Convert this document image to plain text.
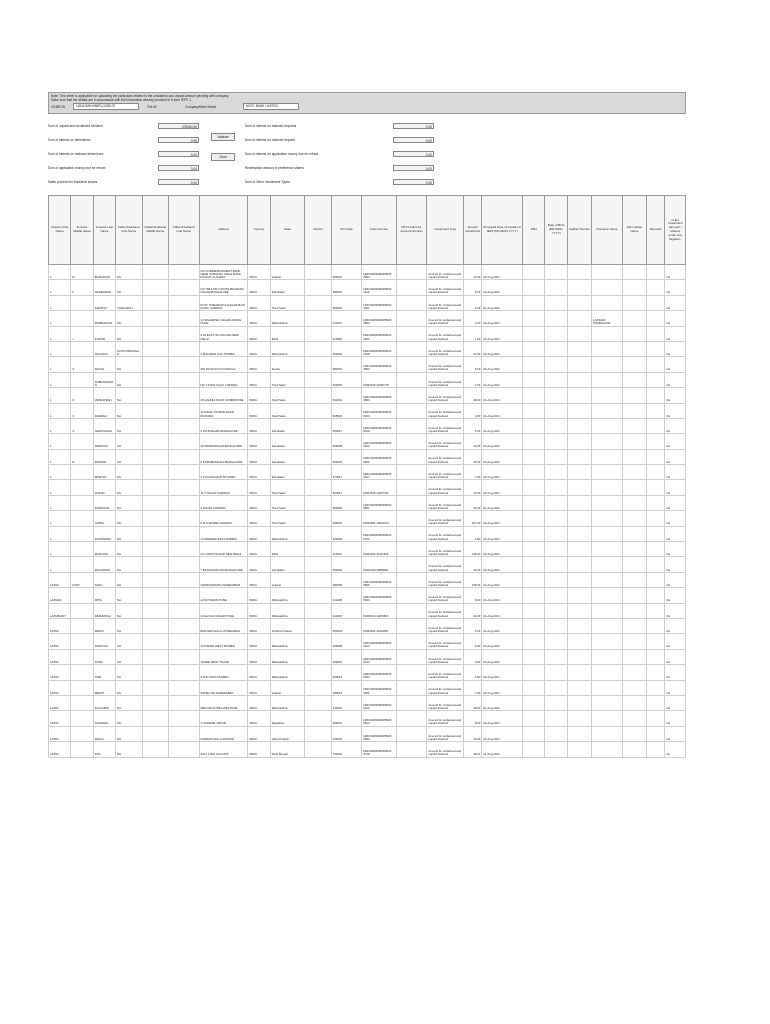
Note: This sheet is applicable for uploading the particulars related to the unclaimed and unpaid amount pending with company.
Make sure that the details are in accordance with the information already provided in e-form IEPF-1
CIN/BCIN	L65110MH1985PLC038137	Pre-fill	Company/Bank Name	HDFC BANK LIMITED
Sum of unpaid and unclaimed dividend	478060.50
Sum of interest on debentures	0.00
Sum of interest on matured debentures	0.00
Sum of application money due for refund	0.00
Sales proceed for fractional shares	0.00
Validate
Clear
Sum of interest on matured deposits	0.00
Sum of interest on matured deposit	0.00
Sum of interest on application money due for refund	0.00
Redemption amount of preference shares	0.00
Sum of Other Investment Types	0.00
Investor First Name	Investor Middle Name	Investor Last Name	Father/Husband First Name	Father/Husband Middle Name	Father/Husband Last Name	Address	Country	State	District	Pin Code	Folio Number	DP Id-Client Id-Account Number	Investment Type	Amount transferred	Proposed Date of transfer to IEPF (DD-MON-YYYY)	PAN	Date of Birth (DD-MON-YYYY)	Aadhar Number	Nominee Name	Joint Holder Name	Remarks	Is the Investment (amount / shares) under any litigation.
L	R	BHAGAVAN	NA			C/O CORRESPONDENT BANK NEAR SUBHASH, SHAH ROAD, RAJKOT GUJARAT	INDIA	Gujarat		360001	HDFC0000000005000 2990		Amount for unclaimed and unpaid dividend	22.00	01-Aug-2024							No
L	K	NAGESWAR	NA			NO 786 A 5TH CROSS BHARATHI NAGAR BANGALORE	INDIA	Karnataka		560001	HDFC0000000005000 2113		Amount for unclaimed and unpaid dividend	8.00	01-Aug-2024							No
L		SARATHY	THIAGARAJ			PLOT 78 BHARATHI NAGAR MAIN ROAD, CHENNAI	INDIA	Tamil Nadu		600001	HDFC0000000005000 3031		Amount for unclaimed and unpaid dividend	4.00	01-Aug-2024							No
L		PRABHAKAR	NA			12 MAHARISHI NAGAR AUNDH PUNE	INDIA	Maharashtra		411007	HDFC0000000005000 3962		Amount for unclaimed and unpaid dividend	2.00	01-Aug-2024				LAKSHMI PRABHAKAR			No
L	J	KUMAR	NA			A 22 EAST OF KAILASH NEW DELHI	INDIA	Delhi		110065	HDFC0000000005000 4153		Amount for unclaimed and unpaid dividend	1.00	01-Aug-2024							No
L		NAGARAJ	KASTURIRANGAN			2 MALABAR HILL MUMBAI	INDIA	Maharashtra		400006	HDFC0000000005000 4318		Amount for unclaimed and unpaid dividend	27.00	01-Aug-2024							No
L	S	RAJAN	NA			MG ROAD KOCHI KERALA	INDIA	Kerala		682001	HDFC0000000005000 4562		Amount for unclaimed and unpaid dividend	8.00	01-Aug-2024							No
L		SUBRAMANIAN	NA			NO 7 ANNA SALAI CHENNAI	INDIA	Tamil Nadu		600002	IN300159 10452778		Amount for unclaimed and unpaid dividend	2.00	01-Aug-2024							No
L	K	VENKATESH	NA			45 GANDHI ROAD COIMBATORE	INDIA	Tamil Nadu		641001	HDFC0000000005000 4890		Amount for unclaimed and unpaid dividend	48.00	01-Aug-2024							No
L	V	RAMESH	NA			12 RACE COURSE ROAD MADURAI	INDIA	Tamil Nadu		625002	HDFC0000000005000 5013		Amount for unclaimed and unpaid dividend	4.00	01-Aug-2024							No
L	S	NARAYANAN	NA			4 JAYANAGAR BANGALORE	INDIA	Karnataka		560011	HDFC0000000005000 5108		Amount for unclaimed and unpaid dividend	6.00	01-Aug-2024							No
L		SRINIVAS	NA			22 INDIRANAGAR BANGALORE	INDIA	Karnataka		560038	HDFC0000000005000 5222		Amount for unclaimed and unpaid dividend	12.00	01-Aug-2024							No
L	R	PRASAD	NA			8 KORAMANGALA BANGALORE	INDIA	Karnataka		560034	HDFC0000000005000 5306		Amount for unclaimed and unpaid dividend	20.00	01-Aug-2024							No
L		MURTHY	NA			3 VIJAYANAGAR MYSORE	INDIA	Karnataka		570017	HDFC0000000005000 5417		Amount for unclaimed and unpaid dividend	4.00	01-Aug-2024							No
L		ANAND	NA			11 T NAGAR CHENNAI	INDIA	Tamil Nadu		600017	IN301549 12907761		Amount for unclaimed and unpaid dividend	13.00	01-Aug-2024							No
L		KRISHNAN	NA			9 ADYAR CHENNAI	INDIA	Tamil Nadu		600020	HDFC0000000005000 5581		Amount for unclaimed and unpaid dividend	56.00	01-Aug-2024							No
L		GOPAL	NA			5 MYLAPORE CHENNAI	INDIA	Tamil Nadu		600004	IN300484 13022194		Amount for unclaimed and unpaid dividend	257.00	01-Aug-2024							No
L		SUNDARAM	NA			14 ANDHERI EAST MUMBAI	INDIA	Maharashtra		400069	HDFC0000000005000 5702		Amount for unclaimed and unpaid dividend	6.00	01-Aug-2024							No
L		PRAKASH	NA			21 LAJPAT NAGAR NEW DELHI	INDIA	Delhi		110024	IN300206 10117633		Amount for unclaimed and unpaid dividend	108.00	01-Aug-2024							No
L		RAGHAVAN	NA			7 BASAVANAGUDI BANGALORE	INDIA	Karnataka		560004	IN300239 10856631		Amount for unclaimed and unpaid dividend	30.00	01-Aug-2024							No
LAXMI	KANT	SHAH	NA			NAVRANGPURA AHMEDABAD	INDIA	Gujarat		380009	HDFC0000000005000 5866		Amount for unclaimed and unpaid dividend	108.00	01-Aug-2024							No
LAXMAN		PATIL	NA			12 KOTHRUD PUNE	INDIA	Maharashtra		411038	HDFC0000000005000 5940		Amount for unclaimed and unpaid dividend	8.00	01-Aug-2024							No
LAXMIKANT		DESHMUKH	NA			44 SHIVAJI NAGAR PUNE	INDIA	Maharashtra		411005	IN300214 11209864		Amount for unclaimed and unpaid dividend	22.00	01-Aug-2024							No
LAXMI		REDDY	NA			BANJARA HILLS HYDERABAD	INDIA	Andhra Pradesh		500034	IN300394 12449811		Amount for unclaimed and unpaid dividend	4.00	01-Aug-2024							No
LAXMI		NARAYAN	NA			23 DADAR WEST MUMBAI	INDIA	Maharashtra		400028	HDFC0000000005000 6013		Amount for unclaimed and unpaid dividend	6.00	01-Aug-2024							No
LAXMI		JOSHI	NA			THANE WEST THANE	INDIA	Maharashtra		400601	HDFC0000000005000 6140		Amount for unclaimed and unpaid dividend	2.00	01-Aug-2024							No
LAXMI		IYER	NA			8 MATUNGA MUMBAI	INDIA	Maharashtra		400019	HDFC0000000005000 6233		Amount for unclaimed and unpaid dividend	6.00	01-Aug-2024							No
LAXMI		MEHTA	NA			SATELLITE AHMEDABAD	INDIA	Gujarat		380015	HDFC0000000005000 6301		Amount for unclaimed and unpaid dividend	4.00	01-Aug-2024							No
LAXMI		KULKARNI	NA			DECCAN GYMKHANA PUNE	INDIA	Maharashtra		411004	HDFC0000000005000 6412		Amount for unclaimed and unpaid dividend	18.00	01-Aug-2024							No
LAXMI		AGARWAL	NA			C SCHEME JAIPUR	INDIA	Rajasthan		302001	HDFC0000000005000 6520		Amount for unclaimed and unpaid dividend	8.00	01-Aug-2024							No
LAXMI		SINGH	NA			HAZRATGANJ LUCKNOW	INDIA	Uttar Pradesh		226001	HDFC0000000005000 6604		Amount for unclaimed and unpaid dividend	16.00	01-Aug-2024							No
LAXMI		DAS	NA			SALT LAKE KOLKATA	INDIA	West Bengal		700091	HDFC0000000005000 6719		Amount for unclaimed and unpaid dividend	48.00	01-Aug-2024							No
